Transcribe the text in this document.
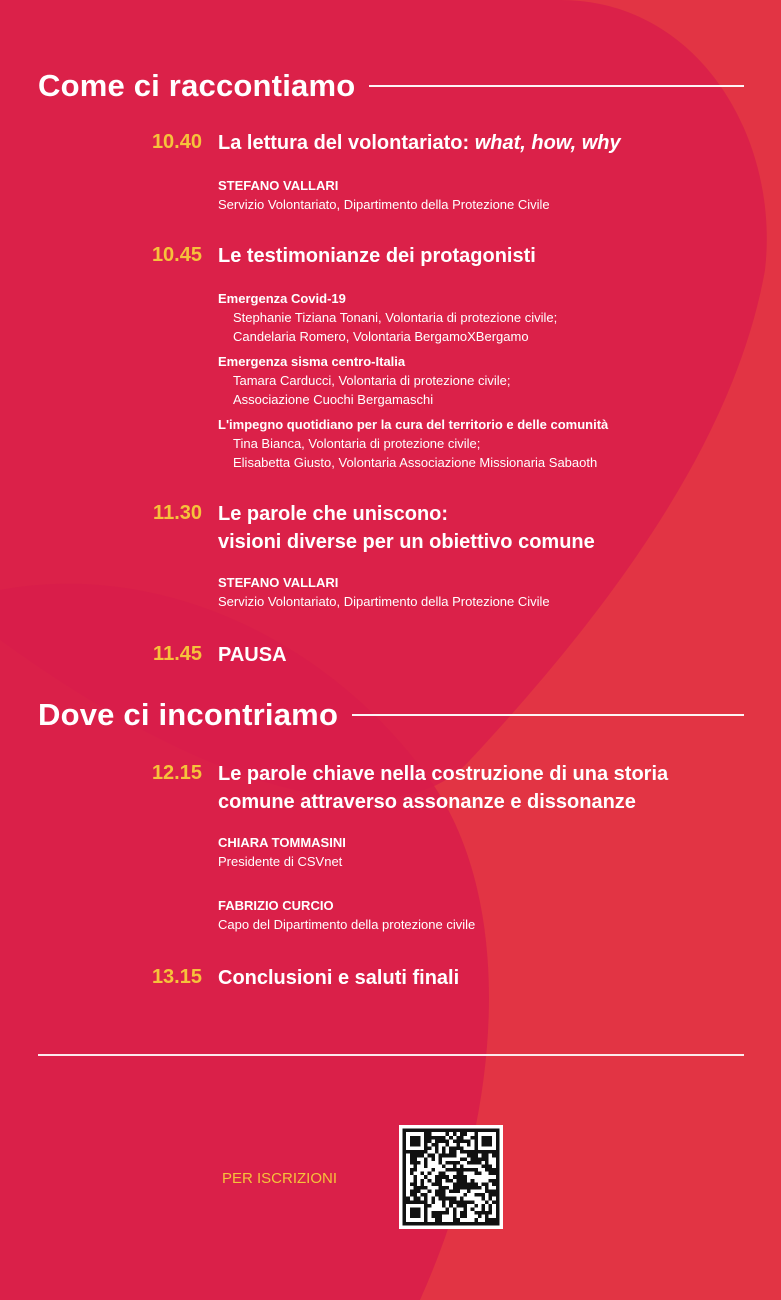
Come ci raccontiamo
10.40 La lettura del volontariato: what, how, why
STEFANO VALLARI
Servizio Volontariato, Dipartimento della Protezione Civile
10.45 Le testimonianze dei protagonisti
Emergenza Covid-19
Stephanie Tiziana Tonani, Volontaria di protezione civile;
Candelaria Romero, Volontaria BergamoXBergamo
Emergenza sisma centro-Italia
Tamara Carducci, Volontaria di protezione civile;
Associazione Cuochi Bergamaschi
L'impegno quotidiano per la cura del territorio e delle comunità
Tina Bianca, Volontaria di protezione civile;
Elisabetta Giusto, Volontaria Associazione Missionaria Sabaoth
11.30 Le parole che uniscono:
visioni diverse per un obiettivo comune
STEFANO VALLARI
Servizio Volontariato, Dipartimento della Protezione Civile
11.45 PAUSA
Dove ci incontriamo
12.15 Le parole chiave nella costruzione di una storia
comune attraverso assonanze e dissonanze
CHIARA TOMMASINI
Presidente di CSVnet
FABRIZIO CURCIO
Capo del Dipartimento della protezione civile
13.15 Conclusioni e saluti finali
PER ISCRIZIONI
